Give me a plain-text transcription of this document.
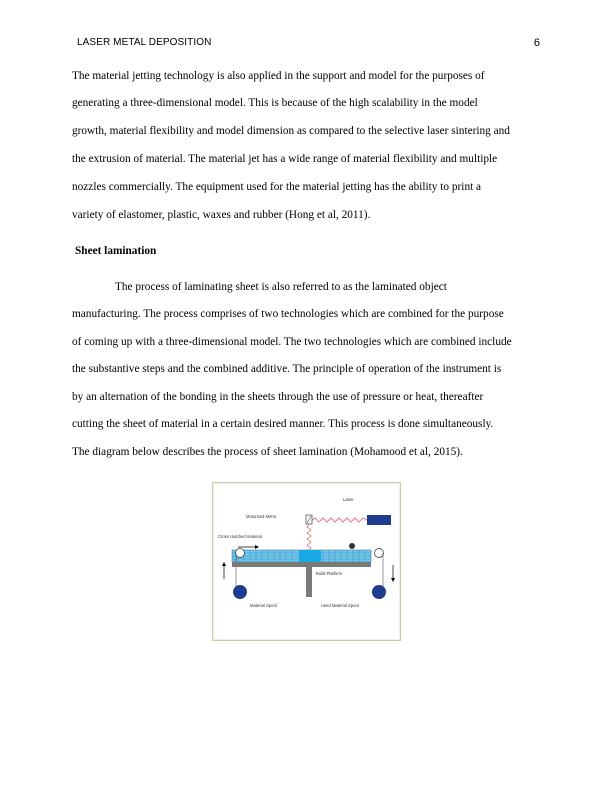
LASER METAL DEPOSITION	6
The material jetting technology is also applied in the support and model for the purposes of
generating a three-dimensional model. This is because of the high scalability in the model
growth, material flexibility and model dimension as compared to the selective laser sintering and
the extrusion of material. The material jet has a wide range of material flexibility and multiple
nozzles commercially. The equipment used for the material jetting has the ability to print a
variety of elastomer, plastic, waxes and rubber (Hong et al, 2011).
Sheet lamination
The process of laminating sheet is also referred to as the laminated object
manufacturing. The process comprises of two technologies which are combined for the purpose
of coming up with a three-dimensional model. The two technologies which are combined include
the substantive steps and the combined additive. The principle of operation of the instrument is
by an alternation of the bonding in the sheets through the use of pressure or heat, thereafter
cutting the sheet of material in a certain desired manner. This process is done simultaneously.
The diagram below describes the process of sheet lamination (Mohamood et al, 2015).
Laser
Motorized Mirror
Cross Hatched material
Build Platform
Material Spool	Used Material Spool
